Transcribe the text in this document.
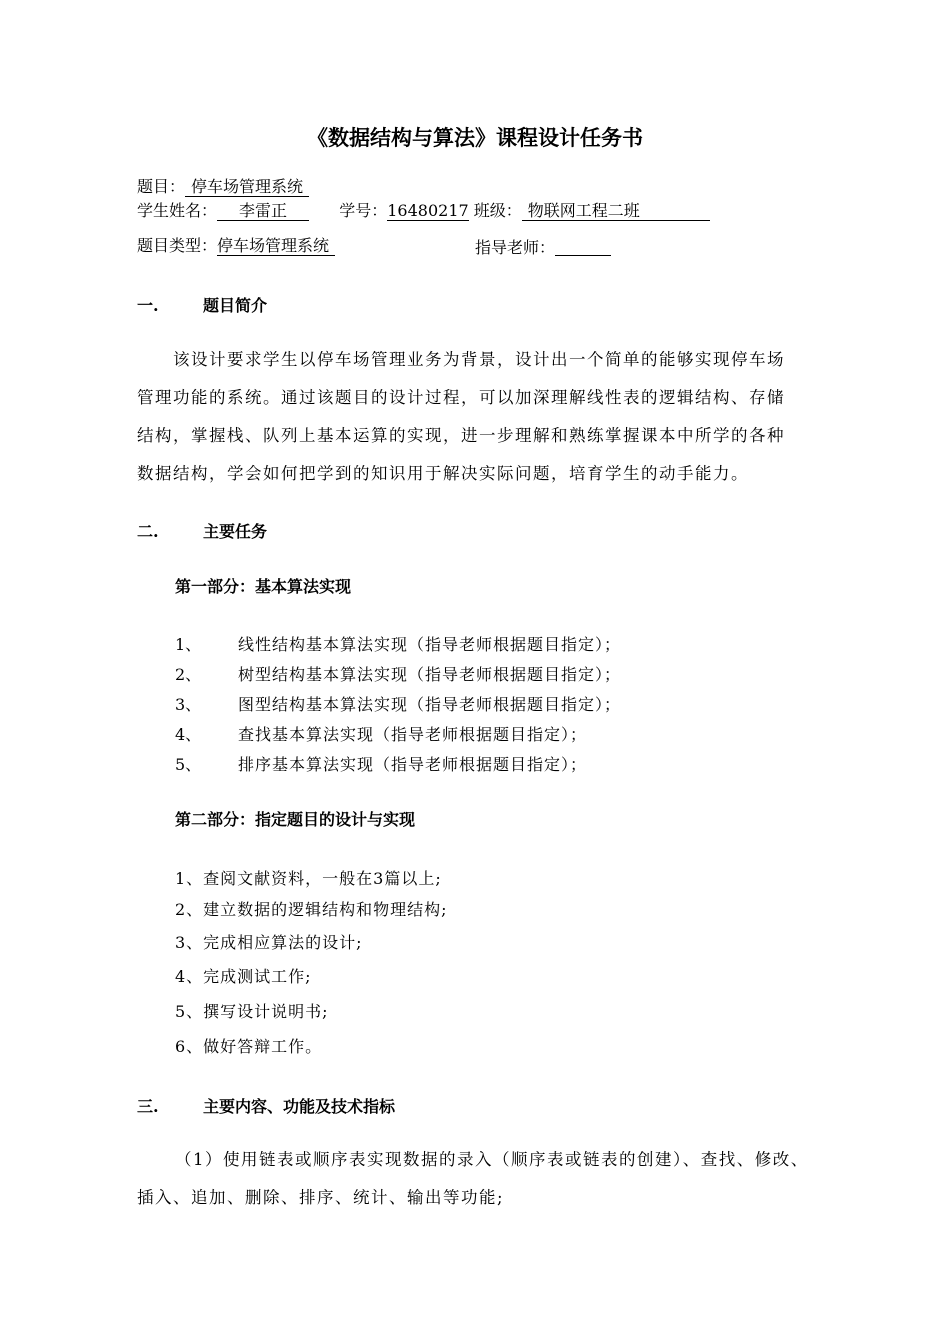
《数据结构与算法》课程设计任务书
题目： 停车场管理系统
学生姓名： 李雷正	学号：16480217 班级： 物联网工程二班
题目类型：停车场管理系统	指导老师：
一.	题目简介
该设计要求学生以停车场管理业务为背景，设计出一个简单的能够实现停车场
管理功能的系统。通过该题目的设计过程，可以加深理解线性表的逻辑结构、存储
结构，掌握栈、队列上基本运算的实现，进一步理解和熟练掌握课本中所学的各种
数据结构，学会如何把学到的知识用于解决实际问题，培育学生的动手能力。
二.	主要任务
第一部分：基本算法实现
1、 线性结构基本算法实现（指导老师根据题目指定）；
2、 树型结构基本算法实现（指导老师根据题目指定）；
3、 图型结构基本算法实现（指导老师根据题目指定）；
4、 查找基本算法实现（指导老师根据题目指定）；
5、 排序基本算法实现（指导老师根据题目指定）；
第二部分：指定题目的设计与实现
1、查阅文献资料，一般在3篇以上;
2、建立数据的逻辑结构和物理结构;
3、完成相应算法的设计;
4、完成测试工作;
5、撰写设计说明书;
6、做好答辩工作。
三.	主要内容、功能及技术指标
（1）使用链表或顺序表实现数据的录入（顺序表或链表的创建）、查找、修改、
插入、追加、删除、排序、统计、输出等功能;
